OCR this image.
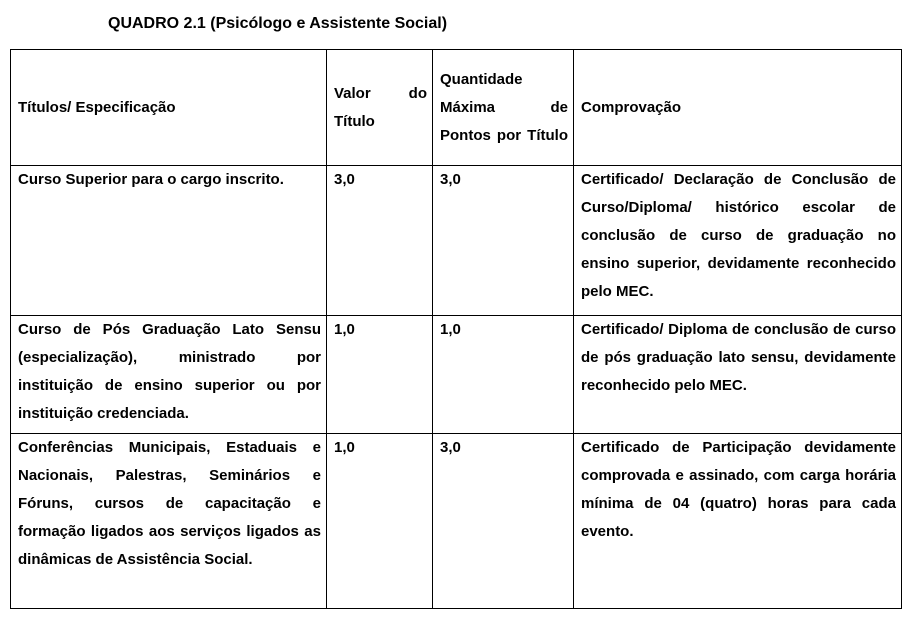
QUADRO 2.1 (Psicólogo e Assistente Social)
Títulos/ Especificação	Valor do Título	Quantidade Máxima de Pontos por Título	Comprovação
Curso Superior para o cargo inscrito.	3,0	3,0	Certificado/ Declaração de Conclusão de Curso/Diploma/ histórico escolar de conclusão de curso de graduação no ensino superior, devidamente reconhecido pelo MEC.
Curso de Pós Graduação Lato Sensu (especialização), ministrado por instituição de ensino superior ou por instituição credenciada.	1,0	1,0	Certificado/ Diploma de conclusão de curso de pós graduação lato sensu, devidamente reconhecido pelo MEC.
Conferências Municipais, Estaduais e Nacionais, Palestras, Seminários e Fóruns, cursos de capacitação e formação ligados aos serviços ligados as dinâmicas de Assistência Social.	1,0	3,0	Certificado de Participação devidamente comprovada e assinado, com carga horária mínima de 04 (quatro) horas para cada evento.
